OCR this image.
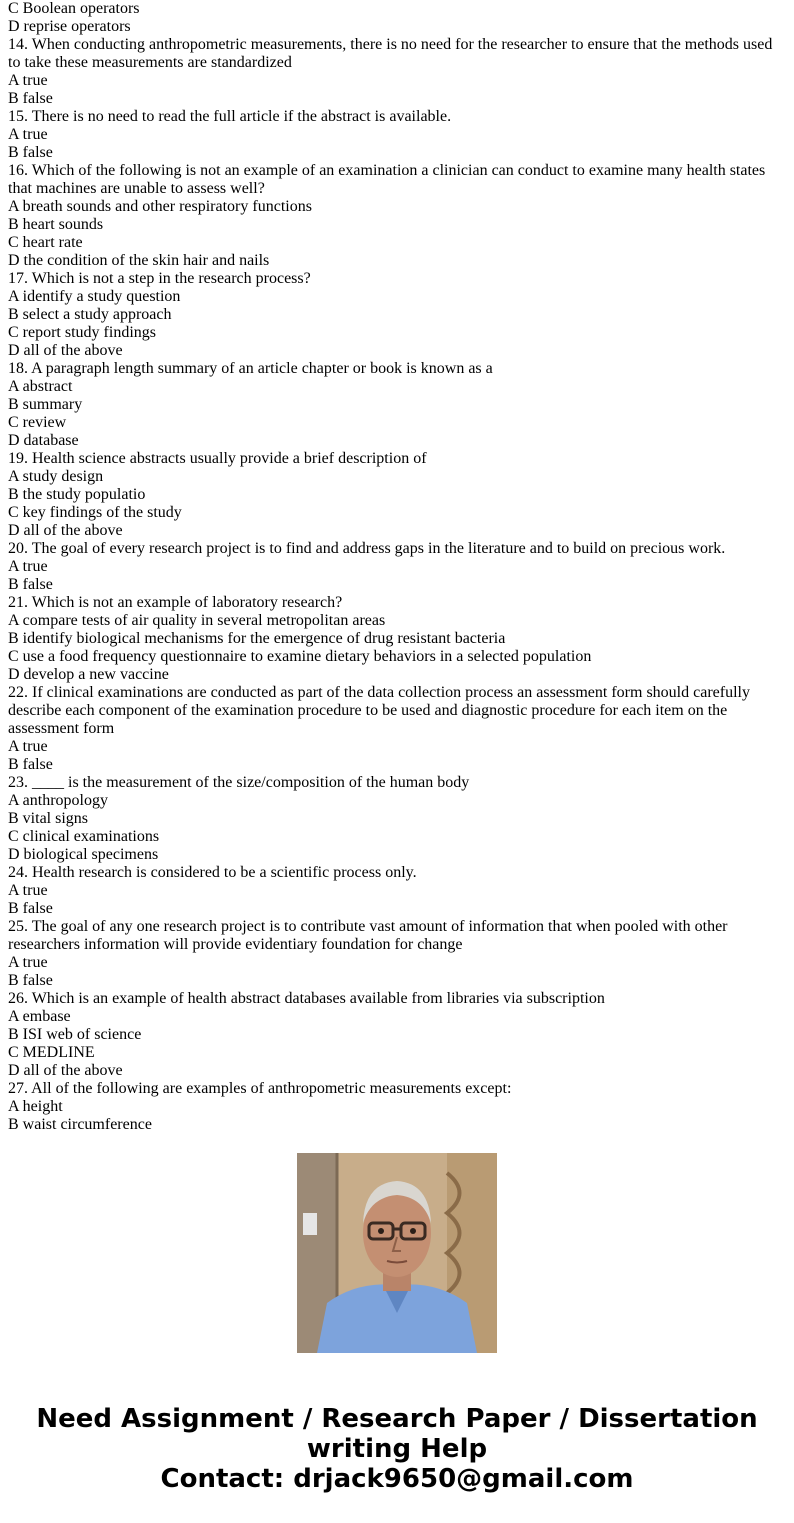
C Boolean operators
D reprise operators
14. When conducting anthropometric measurements, there is no need for the researcher to ensure that the methods used to take these measurements are standardized
A true
B false
15. There is no need to read the full article if the abstract is available.
A true
B false
16. Which of the following is not an example of an examination a clinician can conduct to examine many health states that machines are unable to assess well?
A breath sounds and other respiratory functions
B heart sounds
C heart rate
D the condition of the skin hair and nails
17. Which is not a step in the research process?
A identify a study question
B select a study approach
C report study findings
D all of the above
18. A paragraph length summary of an article chapter or book is known as a
A abstract
B summary
C review
D database
19. Health science abstracts usually provide a brief description of
A study design
B the study populatio
C key findings of the study
D all of the above
20. The goal of every research project is to find and address gaps in the literature and to build on precious work.
A true
B false
21. Which is not an example of laboratory research?
A compare tests of air quality in several metropolitan areas
B identify biological mechanisms for the emergence of drug resistant bacteria
C use a food frequency questionnaire to examine dietary behaviors in a selected population
D develop a new vaccine
22. If clinical examinations are conducted as part of the data collection process an assessment form should carefully describe each component of the examination procedure to be used and diagnostic procedure for each item on the assessment form
A true
B false
23. ____ is the measurement of the size/composition of the human body
A anthropology
B vital signs
C clinical examinations
D biological specimens
24. Health research is considered to be a scientific process only.
A true
B false
25. The goal of any one research project is to contribute vast amount of information that when pooled with other researchers information will provide evidentiary foundation for change
A true
B false
26. Which is an example of health abstract databases available from libraries via subscription
A embase
B ISI web of science
C MEDLINE
D all of the above
27. All of the following are examples of anthropometric measurements except:
A height
B waist circumference
Need Assignment / Research Paper / Dissertation
writing Help
Contact: drjack9650@gmail.com
